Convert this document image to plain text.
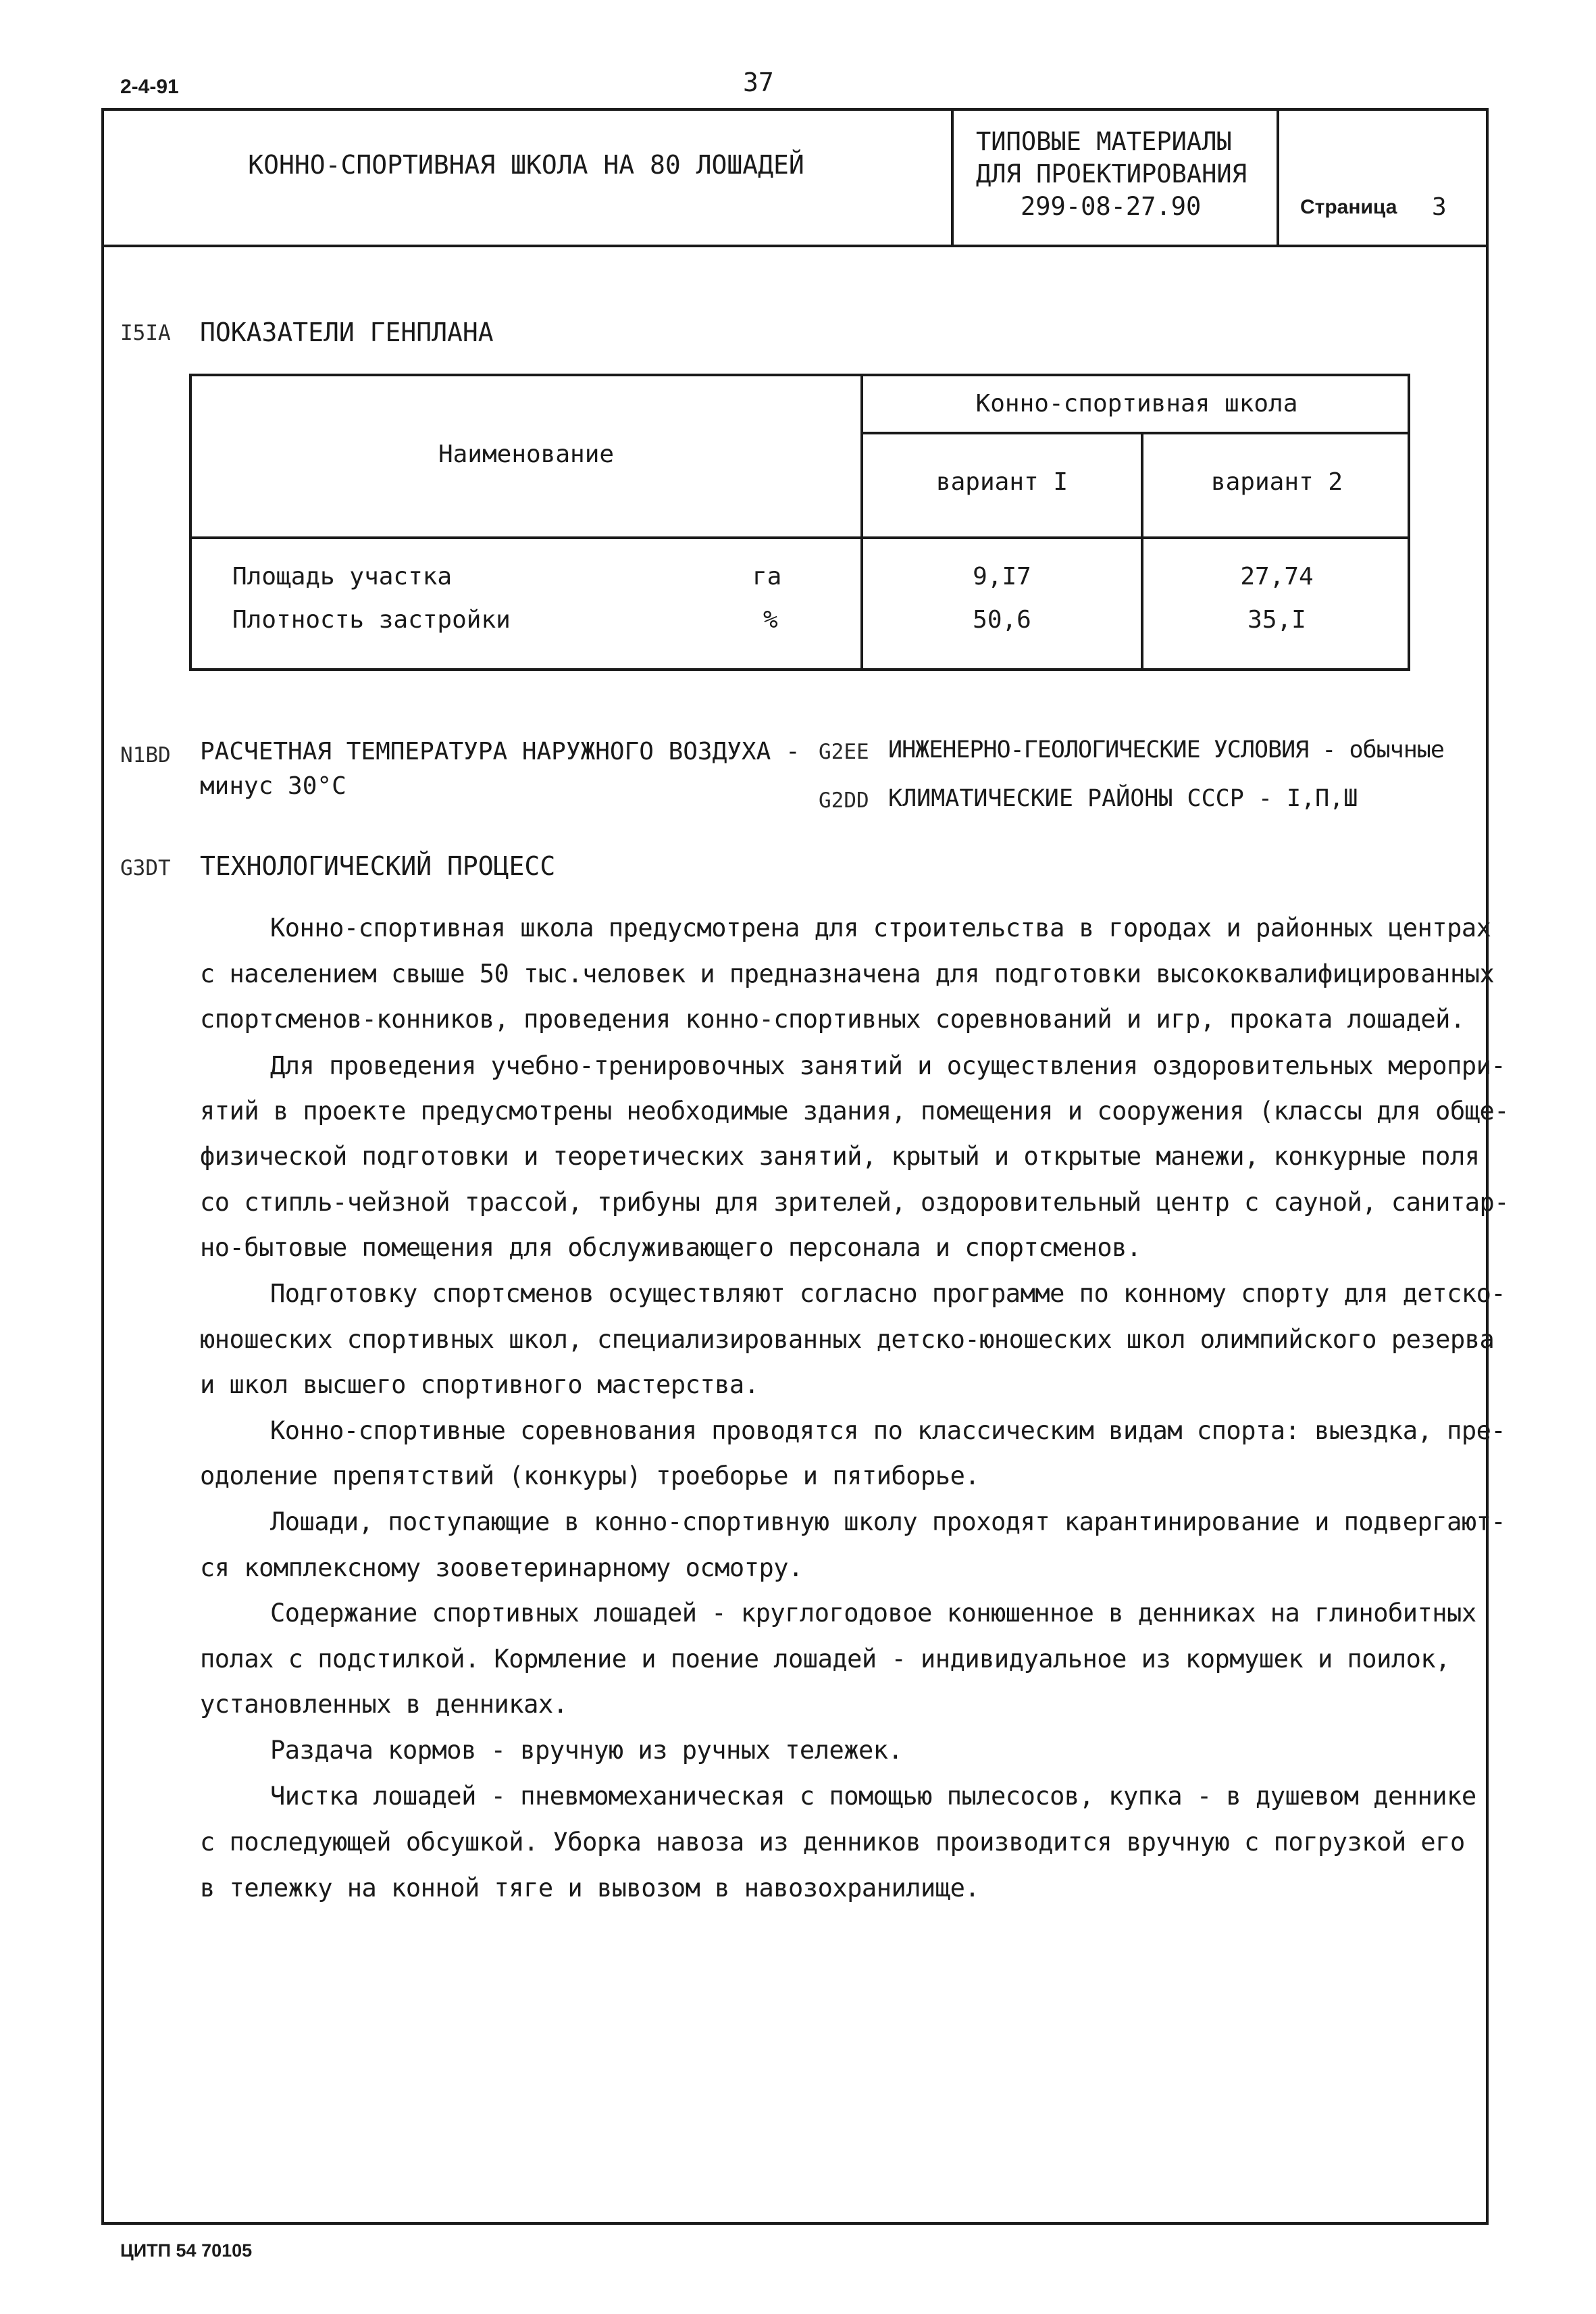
2-4-91	37
КОННО-СПОРТИВНАЯ ШКОЛА НА 80 ЛОШАДЕЙ
ТИПОВЫЕ МАТЕРИАЛЫ
ДЛЯ ПРОЕКТИРОВАНИЯ
299-08-27.90	Страница 3
I5IA ПОКАЗАТЕЛИ ГЕНПЛАНА
Наименование
Конно-спортивная школа
вариант I	вариант 2
Площадь участка	га	9,I7	27,74
Плотность застройки	%	50,6	35,I
N1BD РАСЧЕТНАЯ ТЕМПЕРАТУРА НАРУЖНОГО ВОЗДУХА -
минус 30°С
G2EE ИНЖЕНЕРНО-ГЕОЛОГИЧЕСКИЕ УСЛОВИЯ - обычные
G2DD КЛИМАТИЧЕСКИЕ РАЙОНЫ СССР - I,П,Ш
G3DT ТЕХНОЛОГИЧЕСКИЙ ПРОЦЕСС
Конно-спортивная школа предусмотрена для строительства в городах и районных центрах
с населением свыше 50 тыс.человек и предназначена для подготовки высококвалифицированных
спортсменов-конников, проведения конно-спортивных соревнований и игр, проката лошадей.
Для проведения учебно-тренировочных занятий и осуществления оздоровительных меропри-
ятий в проекте предусмотрены необходимые здания, помещения и сооружения (классы для обще-
физической подготовки и теоретических занятий, крытый и открытые манежи, конкурные поля
со стипль-чейзной трассой, трибуны для зрителей, оздоровительный центр с сауной, санитар-
но-бытовые помещения для обслуживающего персонала и спортсменов.
Подготовку спортсменов осуществляют согласно программе по конному спорту для детско-
юношеских спортивных школ, специализированных детско-юношеских школ олимпийского резерва
и школ высшего спортивного мастерства.
Конно-спортивные соревнования проводятся по классическим видам спорта: выездка, пре-
одоление препятствий (конкуры) троеборье и пятиборье.
Лошади, поступающие в конно-спортивную школу проходят карантинирование и подвергают-
ся комплексному зооветеринарному осмотру.
Содержание спортивных лошадей - круглогодовое конюшенное в денниках на глинобитных
полах с подстилкой. Кормление и поение лошадей - индивидуальное из кормушек и поилок,
установленных в денниках.
Раздача кормов - вручную из ручных тележек.
Чистка лошадей - пневмомеханическая с помощью пылесосов, купка - в душевом деннике
с последующей обсушкой. Уборка навоза из денников производится вручную с погрузкой его
в тележку на конной тяге и вывозом в навозохранилище.
ЦИТП 54 70105
